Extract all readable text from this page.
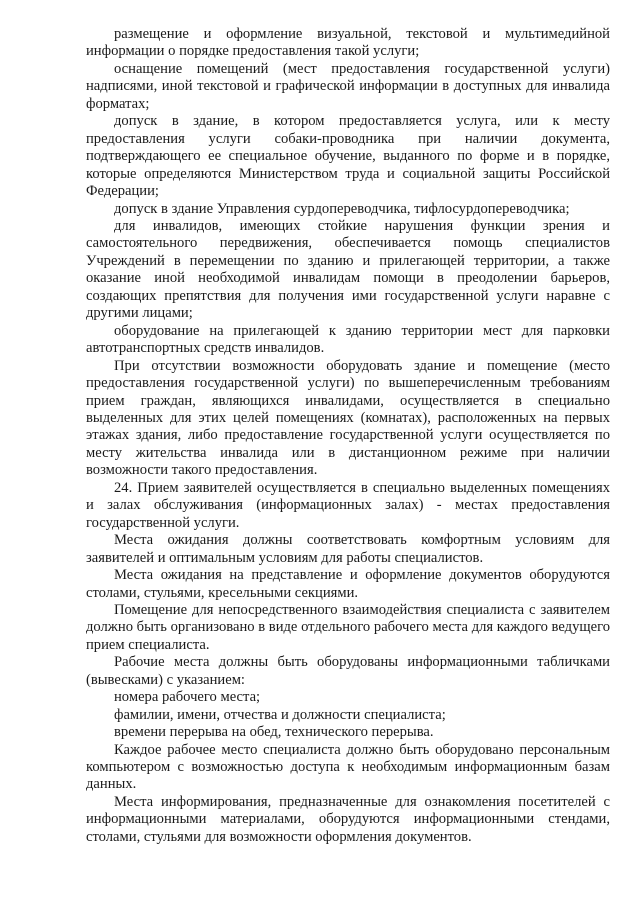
размещение и оформление визуальной, текстовой и мультимедийной информации о порядке предоставления такой услуги;

оснащение помещений (мест предоставления государственной услуги) надписями, иной текстовой и графической информации в доступных для инвалида форматах;

допуск в здание, в котором предоставляется услуга, или к месту предоставления услуги собаки-проводника при наличии документа, подтверждающего ее специальное обучение, выданного по форме и в порядке, которые определяются Министерством труда и социальной защиты Российской Федерации;

допуск в здание Управления сурдопереводчика, тифлосурдопереводчика;

для инвалидов, имеющих стойкие нарушения функции зрения и самостоятельного передвижения, обеспечивается помощь специалистов Учреждений в перемещении по зданию и прилегающей территории, а также оказание иной необходимой инвалидам помощи в преодолении барьеров, создающих препятствия для получения ими государственной услуги наравне с другими лицами;

оборудование на прилегающей к зданию территории мест для парковки автотранспортных средств инвалидов.

При отсутствии возможности оборудовать здание и помещение (место предоставления государственной услуги) по вышеперечисленным требованиям прием граждан, являющихся инвалидами, осуществляется в специально выделенных для этих целей помещениях (комнатах), расположенных на первых этажах здания, либо предоставление государственной услуги осуществляется по месту жительства инвалида или в дистанционном режиме при наличии возможности такого предоставления.

24. Прием заявителей осуществляется в специально выделенных помещениях и залах обслуживания (информационных залах) - местах предоставления государственной услуги.

Места ожидания должны соответствовать комфортным условиям для заявителей и оптимальным условиям для работы специалистов.

Места ожидания на представление и оформление документов оборудуются столами, стульями, кресельными секциями.

Помещение для непосредственного взаимодействия специалиста с заявителем должно быть организовано в виде отдельного рабочего места для каждого ведущего прием специалиста.

Рабочие места должны быть оборудованы информационными табличками (вывесками) с указанием:

номера рабочего места;

фамилии, имени, отчества и должности специалиста;

времени перерыва на обед, технического перерыва.

Каждое рабочее место специалиста должно быть оборудовано персональным компьютером с возможностью доступа к необходимым информационным базам данных.

Места информирования, предназначенные для ознакомления посетителей с информационными материалами, оборудуются информационными стендами, столами, стульями для возможности оформления документов.
